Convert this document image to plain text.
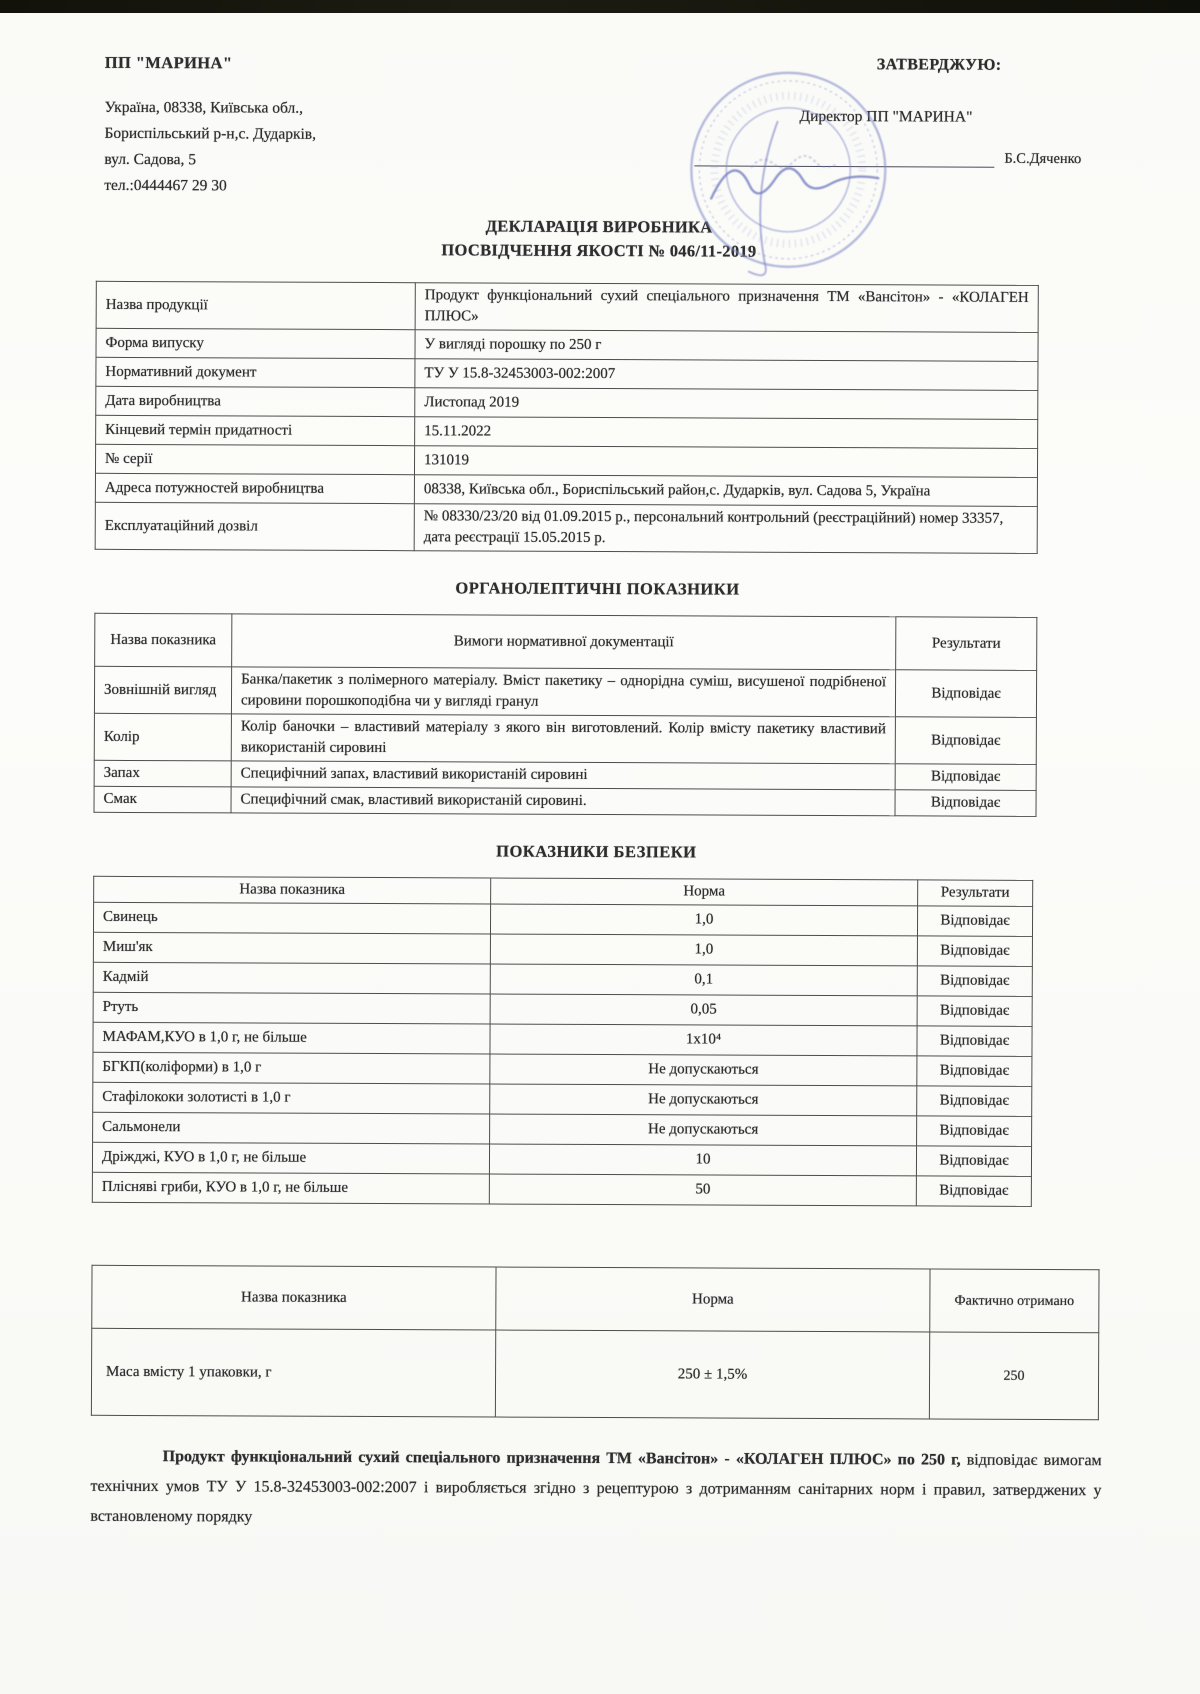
ПП "МАРИНА"
Україна, 08338, Київська обл.,
Бориспільський р-н,с. Дударків,
вул. Садова, 5
тел.:0444467 29 30
ЗАТВЕРДЖУЮ:
Директор ПП "МАРИНА"
Б.С.Дяченко
ДЕКЛАРАЦІЯ ВИРОБНИКА
ПОСВІДЧЕННЯ ЯКОСТІ № 046/11-2019
Назва продукції	Продукт функціональний сухий спеціального призначення ТМ «Вансітон» - «КОЛАГЕН ПЛЮС»
Форма випуску	У вигляді порошку по 250 г
Нормативний документ	ТУ У 15.8-32453003-002:2007
Дата виробництва	Листопад 2019
Кінцевий термін придатності	15.11.2022
№ серії	131019
Адреса потужностей виробництва	08338, Київська обл., Бориспільський район,с. Дударків, вул. Садова 5, Україна
Експлуатаційний дозвіл	№ 08330/23/20 від 01.09.2015 р., персональний контрольний (реєстраційний) номер 33357, дата реєстрації 15.05.2015 р.
ОРГАНОЛЕПТИЧНІ ПОКАЗНИКИ
Назва показника	Вимоги нормативної документації	Результати
Зовнішній вигляд	Банка/пакетик з полімерного матеріалу. Вміст пакетику – однорідна суміш, висушеної подрібненої сировини порошкоподібна чи у вигляді гранул	Відповідає
Колір	Колір баночки – властивий матеріалу з якого він виготовлений. Колір вмісту пакетику властивий використаній сировині	Відповідає
Запах	Специфічний запах, властивий використаній сировині	Відповідає
Смак	Специфічний смак, властивий використаній сировині.	Відповідає
ПОКАЗНИКИ БЕЗПЕКИ
Назва показника	Норма	Результати
Свинець	1,0	Відповідає
Миш'як	1,0	Відповідає
Кадмій	0,1	Відповідає
Ртуть	0,05	Відповідає
МАФАМ,КУО в 1,0 г, не більше	1х10⁴	Відповідає
БГКП(коліформи) в 1,0 г	Не допускаються	Відповідає
Стафілококи золотисті в 1,0 г	Не допускаються	Відповідає
Сальмонели	Не допускаються	Відповідає
Дріжджі, КУО в 1,0 г, не більше	10	Відповідає
Плісняві гриби, КУО в 1,0 г, не більше	50	Відповідає
Назва показника	Норма	Фактично отримано
Маса вмісту 1 упаковки, г	250 ± 1,5%	250

Продукт функціональний сухий спеціального призначення ТМ «Вансітон» - «КОЛАГЕН ПЛЮС» по 250 г, відповідає вимогам технічних умов ТУ У 15.8-32453003-002:2007 і виробляється згідно з рецептурою з дотриманням санітарних норм і правил, затверджених у встановленому порядку
